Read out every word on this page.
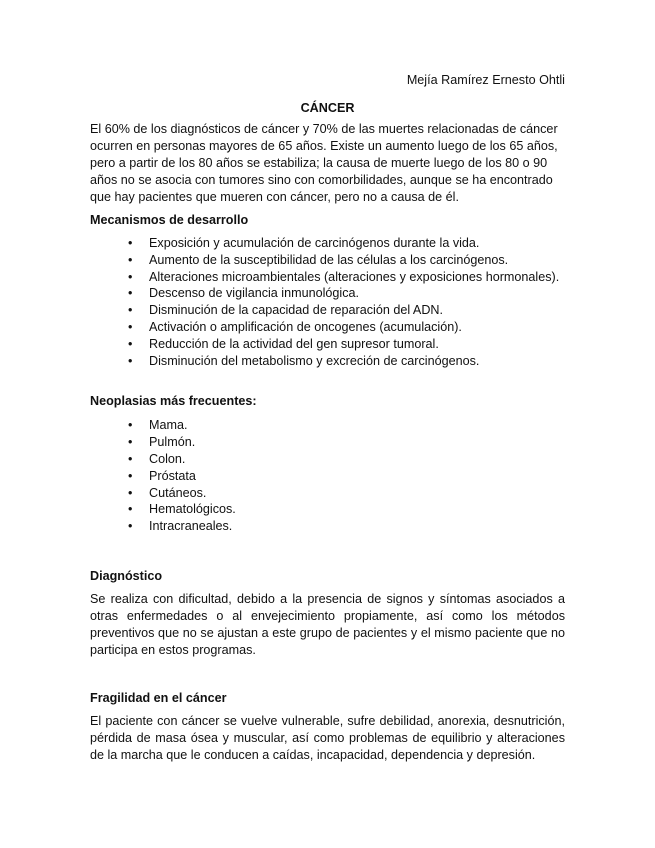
Mejía Ramírez Ernesto Ohtli

CÁNCER

El 60% de los diagnósticos de cáncer y 70% de las muertes relacionadas de cáncer ocurren en personas mayores de 65 años. Existe un aumento luego de los 65 años, pero a partir de los 80 años se estabiliza; la causa de muerte luego de los 80 o 90 años no se asocia con tumores sino con comorbilidades, aunque se ha encontrado que hay pacientes que mueren con cáncer, pero no a causa de él.

Mecanismos de desarrollo

• Exposición y acumulación de carcinógenos durante la vida.
• Aumento de la susceptibilidad de las células a los carcinógenos.
• Alteraciones microambientales (alteraciones y exposiciones hormonales).
• Descenso de vigilancia inmunológica.
• Disminución de la capacidad de reparación del ADN.
• Activación o amplificación de oncogenes (acumulación).
• Reducción de la actividad del gen supresor tumoral.
• Disminución del metabolismo y excreción de carcinógenos.

Neoplasias más frecuentes:

• Mama.
• Pulmón.
• Colon.
• Próstata
• Cutáneos.
• Hematológicos.
• Intracraneales.

Diagnóstico

Se realiza con dificultad, debido a la presencia de signos y síntomas asociados a otras enfermedades o al envejecimiento propiamente, así como los métodos preventivos que no se ajustan a este grupo de pacientes y el mismo paciente que no participa en estos programas.

Fragilidad en el cáncer

El paciente con cáncer se vuelve vulnerable, sufre debilidad, anorexia, desnutrición, pérdida de masa ósea y muscular, así como problemas de equilibrio y alteraciones de la marcha que le conducen a caídas, incapacidad, dependencia y depresión.
